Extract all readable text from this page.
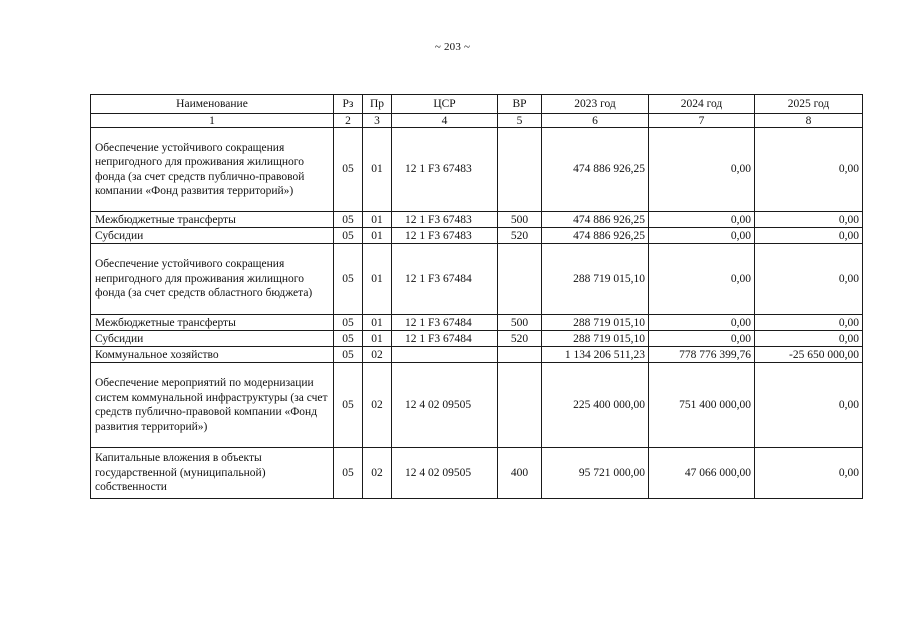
~ 203 ~
Наименование	Рз	Пр	ЦСР	ВР	2023 год	2024 год	2025 год
1	2	3	4	5	6	7	8
Обеспечение устойчивого сокращения непригодного для проживания жилищного фонда (за счет средств публично-правовой компании «Фонд развития территорий»)	05	01	12 1 F3 67483		474 886 926,25	0,00	0,00
Межбюджетные трансферты	05	01	12 1 F3 67483	500	474 886 926,25	0,00	0,00
Субсидии	05	01	12 1 F3 67483	520	474 886 926,25	0,00	0,00
Обеспечение устойчивого сокращения непригодного для проживания жилищного фонда (за счет средств областного бюджета)	05	01	12 1 F3 67484		288 719 015,10	0,00	0,00
Межбюджетные трансферты	05	01	12 1 F3 67484	500	288 719 015,10	0,00	0,00
Субсидии	05	01	12 1 F3 67484	520	288 719 015,10	0,00	0,00
Коммунальное хозяйство	05	02			1 134 206 511,23	778 776 399,76	-25 650 000,00
Обеспечение мероприятий по модернизации систем коммунальной инфраструктуры (за счет средств публично-правовой компании «Фонд развития территорий»)	05	02	12 4 02 09505		225 400 000,00	751 400 000,00	0,00
Капитальные вложения в объекты государственной (муниципальной) собственности	05	02	12 4 02 09505	400	95 721 000,00	47 066 000,00	0,00
